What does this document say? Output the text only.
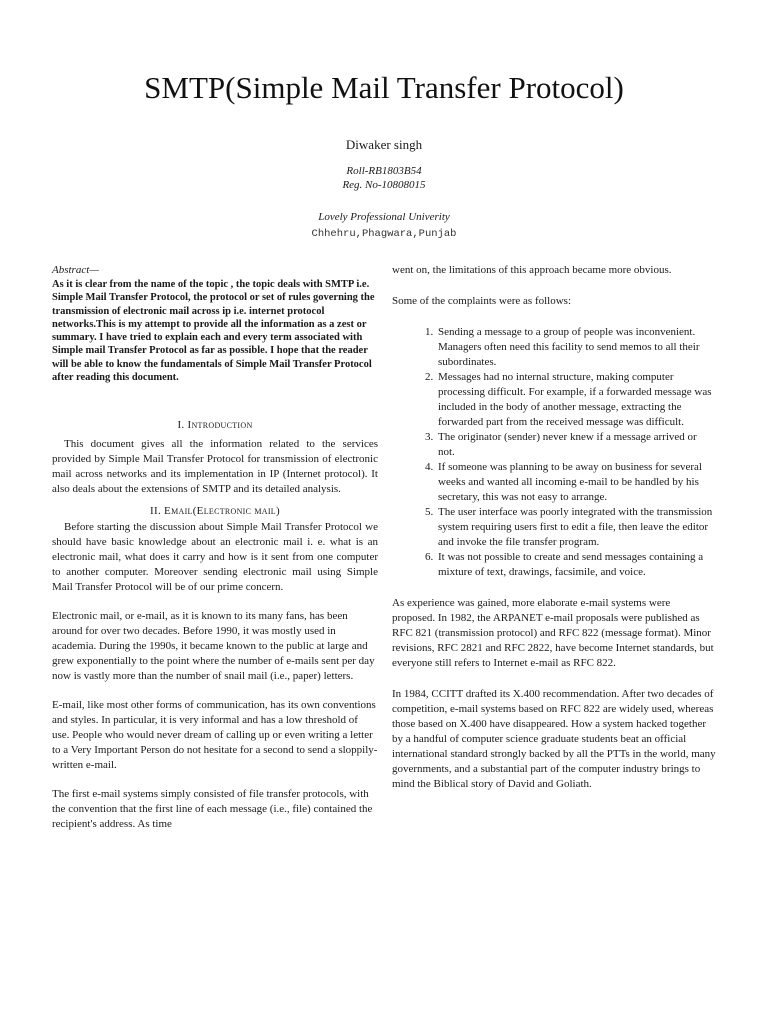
SMTP(Simple Mail Transfer Protocol)
Diwaker singh
Roll-RB1803B54
Reg. No-10808015
Lovely Professional Univerity
Chhehru,Phagwara,Punjab
Abstract—

As it is clear from the name of the topic , the topic deals with SMTP i.e. Simple Mail Transfer Protocol, the protocol or set of rules governing the transmission of electronic mail across ip i.e. internet protocol networks.This is my attempt to provide all the information as a zest or summary. I have tried to explain each and every term associated with Simple mail Transfer Protocol as far as possible. I hope that the reader will be able to know the fundamentals of Simple Mail Transfer Protocol after reading this document.

I. Introduction

This document gives all the information related to the services provided by Simple Mail Transfer Protocol for transmission of electronic mail across networks and its implementation in IP (Internet protocol). It also deals about the extensions of SMTP and its detailed analysis.

II. Email(Electronic mail)

Before starting the discussion about Simple Mail Transfer Protocol we should have basic knowledge about an electronic mail i. e. what is an electronic mail, what does it carry and how is it sent from one computer to another computer. Moreover sending electronic mail using Simple Mail Transfer Protocol will be of our prime concern.

Electronic mail, or e-mail, as it is known to its many fans, has been around for over two decades. Before 1990, it was mostly used in academia. During the 1990s, it became known to the public at large and grew exponentially to the point where the number of e-mails sent per day now is vastly more than the number of snail mail (i.e., paper) letters.

E-mail, like most other forms of communication, has its own conventions and styles. In particular, it is very informal and has a low threshold of use. People who would never dream of calling up or even writing a letter to a Very Important Person do not hesitate for a second to send a sloppily-written e-mail.

The first e-mail systems simply consisted of file transfer protocols, with the convention that the first line of each message (i.e., file) contained the recipient's address. As time

went on, the limitations of this approach became more obvious.

Some of the complaints were as follows:

1. Sending a message to a group of people was inconvenient. Managers often need this facility to send memos to all their subordinates.
2. Messages had no internal structure, making computer processing difficult. For example, if a forwarded message was included in the body of another message, extracting the forwarded part from the received message was difficult.
3. The originator (sender) never knew if a message arrived or not.
4. If someone was planning to be away on business for several weeks and wanted all incoming e-mail to be handled by his secretary, this was not easy to arrange.
5. The user interface was poorly integrated with the transmission system requiring users first to edit a file, then leave the editor and invoke the file transfer program.
6. It was not possible to create and send messages containing a mixture of text, drawings, facsimile, and voice.

As experience was gained, more elaborate e-mail systems were proposed. In 1982, the ARPANET e-mail proposals were published as RFC 821 (transmission protocol) and RFC 822 (message format). Minor revisions, RFC 2821 and RFC 2822, have become Internet standards, but everyone still refers to Internet e-mail as RFC 822.

In 1984, CCITT drafted its X.400 recommendation. After two decades of competition, e-mail systems based on RFC 822 are widely used, whereas those based on X.400 have disappeared. How a system hacked together by a handful of computer science graduate students beat an official international standard strongly backed by all the PTTs in the world, many governments, and a substantial part of the computer industry brings to mind the Biblical story of David and Goliath.
